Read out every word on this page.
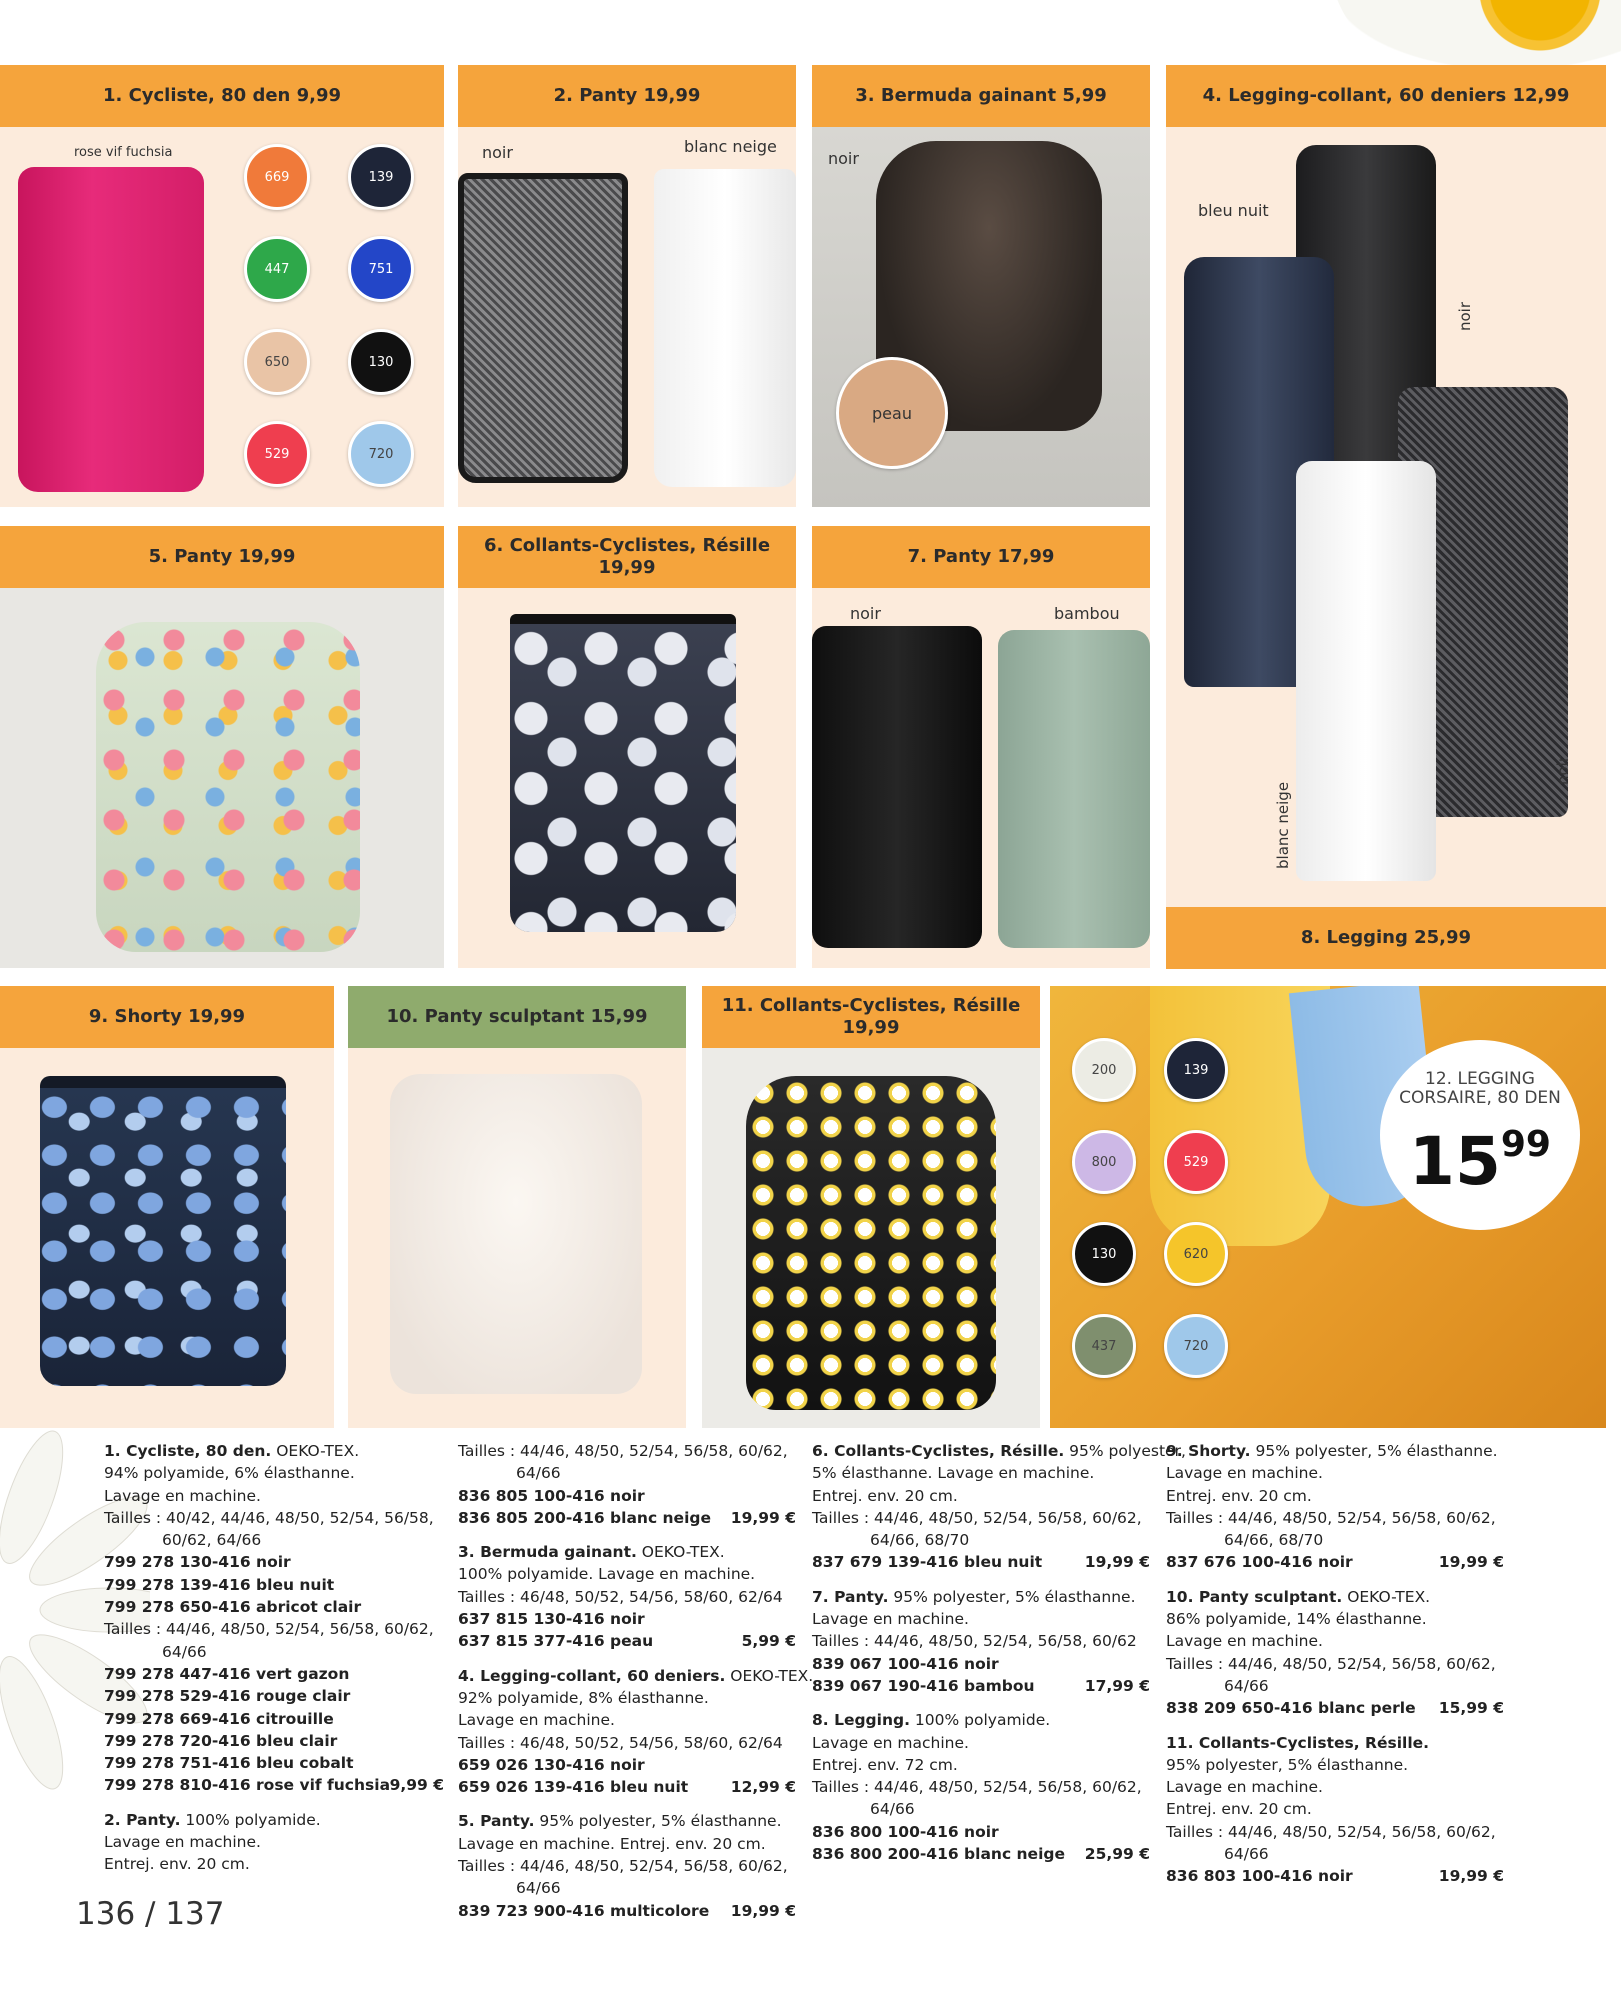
1. Cycliste, 80 den 9,99
rose vif fuchsia
669	139
447	751
650	130
529	720
2. Panty 19,99
noir	blanc neige
3. Bermuda gainant 5,99
noir
peau
4. Legging-collant, 60 deniers 12,99
bleu nuit
noir
blanc neige
noir
8. Legging 25,99
5. Panty 19,99
6. Collants-Cyclistes, Résille 19,99
7. Panty 17,99
noir	bambou
9. Shorty 19,99	10. Panty sculptant 15,99
11. Collants-Cyclistes, Résille 19,99
200	139
800	529
130	620
437	720
12. LEGGING CORSAIRE, 80 DEN
$15^{99}$
1. Cycliste, 80 den. OEKO-TEX.
94% polyamide, 6% élasthanne.
Lavage en machine.
Tailles : 40/42, 44/46, 48/50, 52/54, 56/58,
60/62, 64/66
799 278 130-416 noir
799 278 139-416 bleu nuit
799 278 650-416 abricot clair
Tailles : 44/46, 48/50, 52/54, 56/58, 60/62,
64/66
799 278 447-416 vert gazon
799 278 529-416 rouge clair
799 278 669-416 citrouille
799 278 720-416 bleu clair
799 278 751-416 bleu cobalt
799 278 810-416 rose vif fuchsia 9,99 €
2. Panty. 100% polyamide.
Lavage en machine.
Entrej. env. 20 cm.
Tailles : 44/46, 48/50, 52/54, 56/58, 60/62,
64/66
836 805 100-416 noir
836 805 200-416 blanc neige 19,99 €
3. Bermuda gainant. OEKO-TEX.
100% polyamide. Lavage en machine.
Tailles : 46/48, 50/52, 54/56, 58/60, 62/64
637 815 130-416 noir
637 815 377-416 peau	5,99 €
4. Legging-collant, 60 deniers. OEKO-TEX.
92% polyamide, 8% élasthanne.
Lavage en machine.
Tailles : 46/48, 50/52, 54/56, 58/60, 62/64
659 026 130-416 noir
659 026 139-416 bleu nuit	12,99 €
5. Panty. 95% polyester, 5% élasthanne.
Lavage en machine. Entrej. env. 20 cm.
Tailles : 44/46, 48/50, 52/54, 56/58, 60/62,
64/66
839 723 900-416 multicolore 19,99 €
6. Collants-Cyclistes, Résille. 95% polyester,
5% élasthanne. Lavage en machine.
Entrej. env. 20 cm.
Tailles : 44/46, 48/50, 52/54, 56/58, 60/62,
64/66, 68/70
837 679 139-416 bleu nuit	19,99 €
7. Panty. 95% polyester, 5% élasthanne.
Lavage en machine.
Tailles : 44/46, 48/50, 52/54, 56/58, 60/62
839 067 100-416 noir
839 067 190-416 bambou	17,99 €
8. Legging. 100% polyamide.
Lavage en machine.
Entrej. env. 72 cm.
Tailles : 44/46, 48/50, 52/54, 56/58, 60/62,
64/66
836 800 100-416 noir
836 800 200-416 blanc neige 25,99 €
9. Shorty. 95% polyester, 5% élasthanne.
Lavage en machine.
Entrej. env. 20 cm.
Tailles : 44/46, 48/50, 52/54, 56/58, 60/62,
64/66, 68/70
837 676 100-416 noir	19,99 €
10. Panty sculptant. OEKO-TEX.
86% polyamide, 14% élasthanne.
Lavage en machine.
Tailles : 44/46, 48/50, 52/54, 56/58, 60/62,
64/66
838 209 650-416 blanc perle 15,99 €
11. Collants-Cyclistes, Résille.
95% polyester, 5% élasthanne.
Lavage en machine.
Entrej. env. 20 cm.
Tailles : 44/46, 48/50, 52/54, 56/58, 60/62,
64/66
836 803 100-416 noir	19,99 €
136 / 137
